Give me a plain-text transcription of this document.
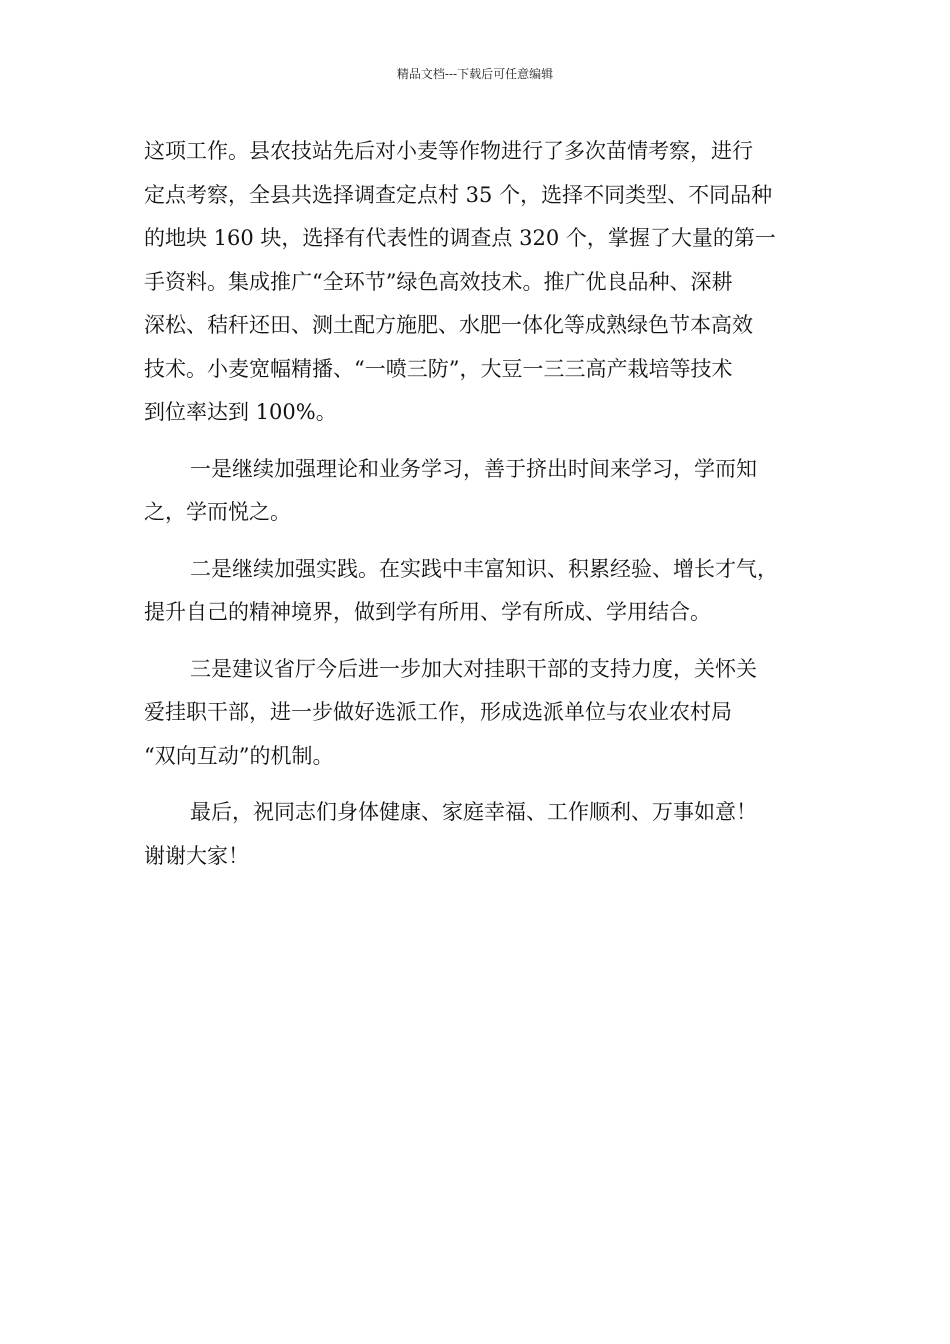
精品文档---下载后可任意编辑
这项工作。县农技站先后对小麦等作物进行了多次苗情考察，进行
定点考察，全县共选择调查定点村 35 个，选择不同类型、不同品种
的地块 160 块，选择有代表性的调查点 320 个，掌握了大量的第一
手资料。集成推广“全环节”绿色高效技术。推广优良品种、深耕
深松、秸秆还田、测土配方施肥、水肥一体化等成熟绿色节本高效
技术。小麦宽幅精播、“一喷三防”，大豆一三三高产栽培等技术
到位率达到 100%。
一是继续加强理论和业务学习，善于挤出时间来学习，学而知
之，学而悦之。
二是继续加强实践。在实践中丰富知识、积累经验、增长才气，
提升自己的精神境界，做到学有所用、学有所成、学用结合。
三是建议省厅今后进一步加大对挂职干部的支持力度，关怀关
爱挂职干部，进一步做好选派工作，形成选派单位与农业农村局
“双向互动”的机制。
最后，祝同志们身体健康、家庭幸福、工作顺利、万事如意！
谢谢大家！
